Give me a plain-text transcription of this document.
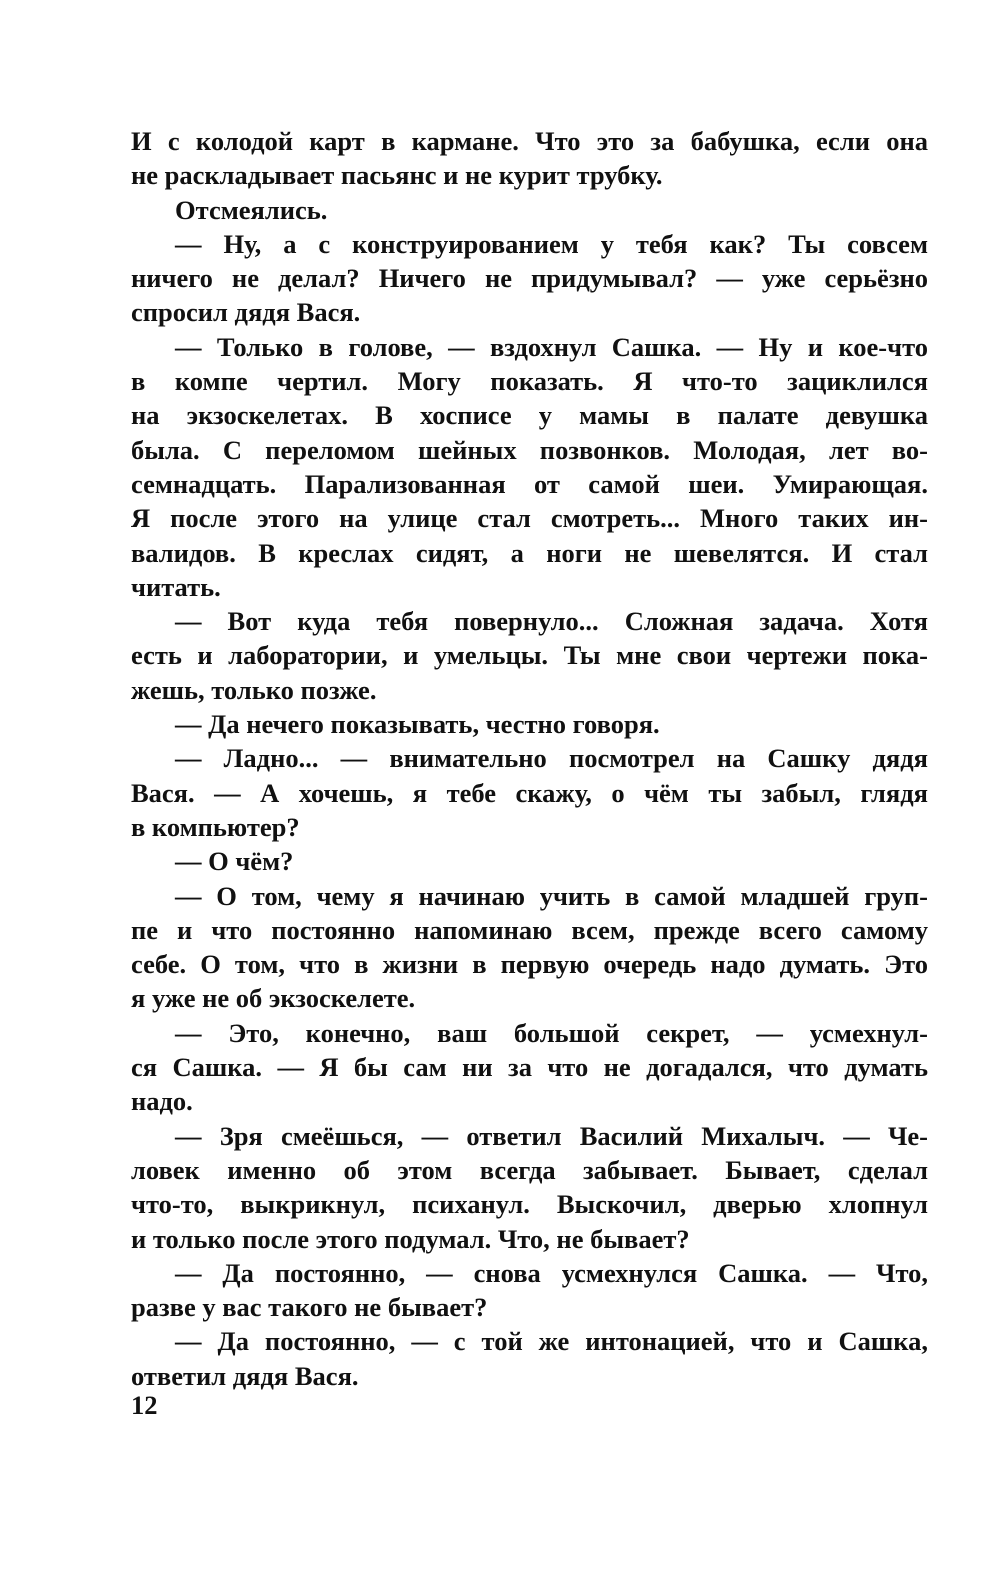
И с колодой карт в кармане. Что это за бабушка, если она
не раскладывает пасьянс и не курит трубку.
Отсмеялись.
— Ну, а с конструированием у тебя как? Ты совсем
ничего не делал? Ничего не придумывал? — уже серьёзно
спросил дядя Вася.
— Только в голове, — вздохнул Сашка. — Ну и кое-что
в компе чертил. Могу показать. Я что-то зациклился
на экзоскелетах. В хосписе у мамы в палате девушка
была. С переломом шейных позвонков. Молодая, лет во-
семнадцать. Парализованная от самой шеи. Умирающая.
Я после этого на улице стал смотреть... Много таких ин-
валидов. В креслах сидят, а ноги не шевелятся. И стал
читать.
— Вот куда тебя повернуло... Сложная задача. Хотя
есть и лаборатории, и умельцы. Ты мне свои чертежи пока-
жешь, только позже.
— Да нечего показывать, честно говоря.
— Ладно... — внимательно посмотрел на Сашку дядя
Вася. — А хочешь, я тебе скажу, о чём ты забыл, глядя
в компьютер?
— О чём?
— О том, чему я начинаю учить в самой младшей груп-
пе и что постоянно напоминаю всем, прежде всего самому
себе. О том, что в жизни в первую очередь надо думать. Это
я уже не об экзоскелете.
— Это, конечно, ваш большой секрет, — усмехнул-
ся Сашка. — Я бы сам ни за что не догадался, что думать
надо.
— Зря смеёшься, — ответил Василий Михалыч. — Че-
ловек именно об этом всегда забывает. Бывает, сделал
что-то, выкрикнул, психанул. Выскочил, дверью хлопнул
и только после этого подумал. Что, не бывает?
— Да постоянно, — снова усмехнулся Сашка. — Что,
разве у вас такого не бывает?
— Да постоянно, — с той же интонацией, что и Сашка,
ответил дядя Вася.
12
